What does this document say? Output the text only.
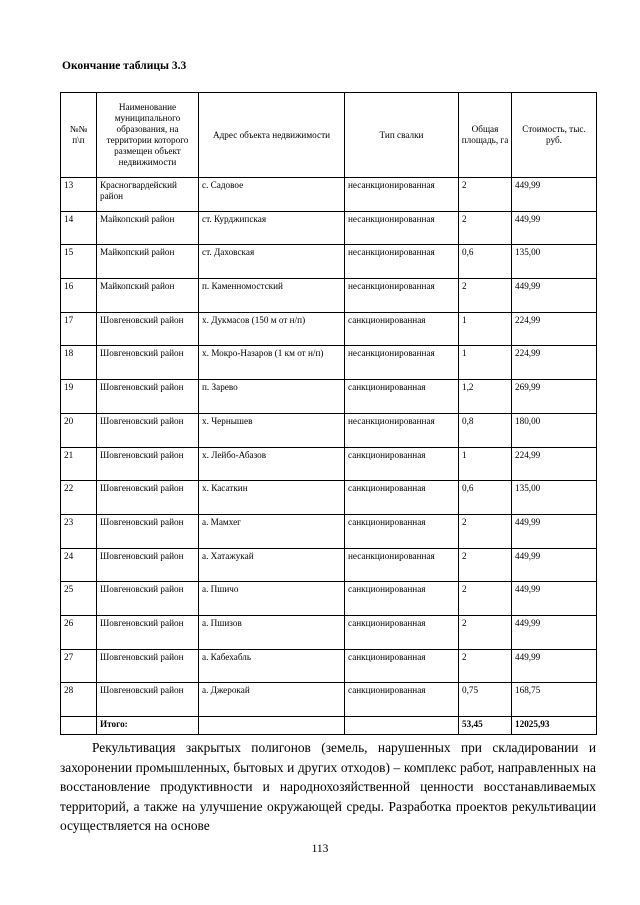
Окончание таблицы 3.3
№№ п\п	Наименование муниципального образования, на территории которого размещен объект недвижимости	Адрес объекта недвижимости	Тип свалки	Общая площадь, га	Стоимость, тыс. руб.
13	Красногвардейский район	с. Садовое	несанкционированная	2	449,99
14	Майкопский район	ст. Курджипская	несанкционированная	2	449,99
15	Майкопский район	ст. Даховская	несанкционированная	0,6	135,00
16	Майкопский район	п. Каменномостский	несанкционированная	2	449,99
17	Шовгеновский район	х. Дукмасов (150 м от н/п)	санкционированная	1	224,99
18	Шовгеновский район	х. Мокро-Назаров (1 км от н/п)	несанкционированная	1	224,99
19	Шовгеновский район	п. Зарево	санкционированная	1,2	269,99
20	Шовгеновский район	х. Чернышев	несанкционированная	0,8	180,00
21	Шовгеновский район	х. Лейбо-Абазов	санкционированная	1	224,99
22	Шовгеновский район	х. Касаткин	санкционированная	0,6	135,00
23	Шовгеновский район	а. Мамхег	санкционированная	2	449,99
24	Шовгеновский район	а. Хатажукай	несанкционированная	2	449,99
25	Шовгеновский район	а. Пшичо	санкционированная	2	449,99
26	Шовгеновский район	а. Пшизов	санкционированная	2	449,99
27	Шовгеновский район	а. Кабехабль	санкционированная	2	449,99
28	Шовгеновский район	а. Джерокай	санкционированная	0,75	168,75
	Итого:			53,45	12025,93
Рекультивация закрытых полигонов (земель, нарушенных при складировании и захоронении промышленных, бытовых и других отходов) – комплекс работ, направленных на восстановление продуктивности и народнохозяйственной ценности восстанавливаемых территорий, а также на улучшение окружающей среды. Разработка проектов рекультивации осуществляется на основе
113
